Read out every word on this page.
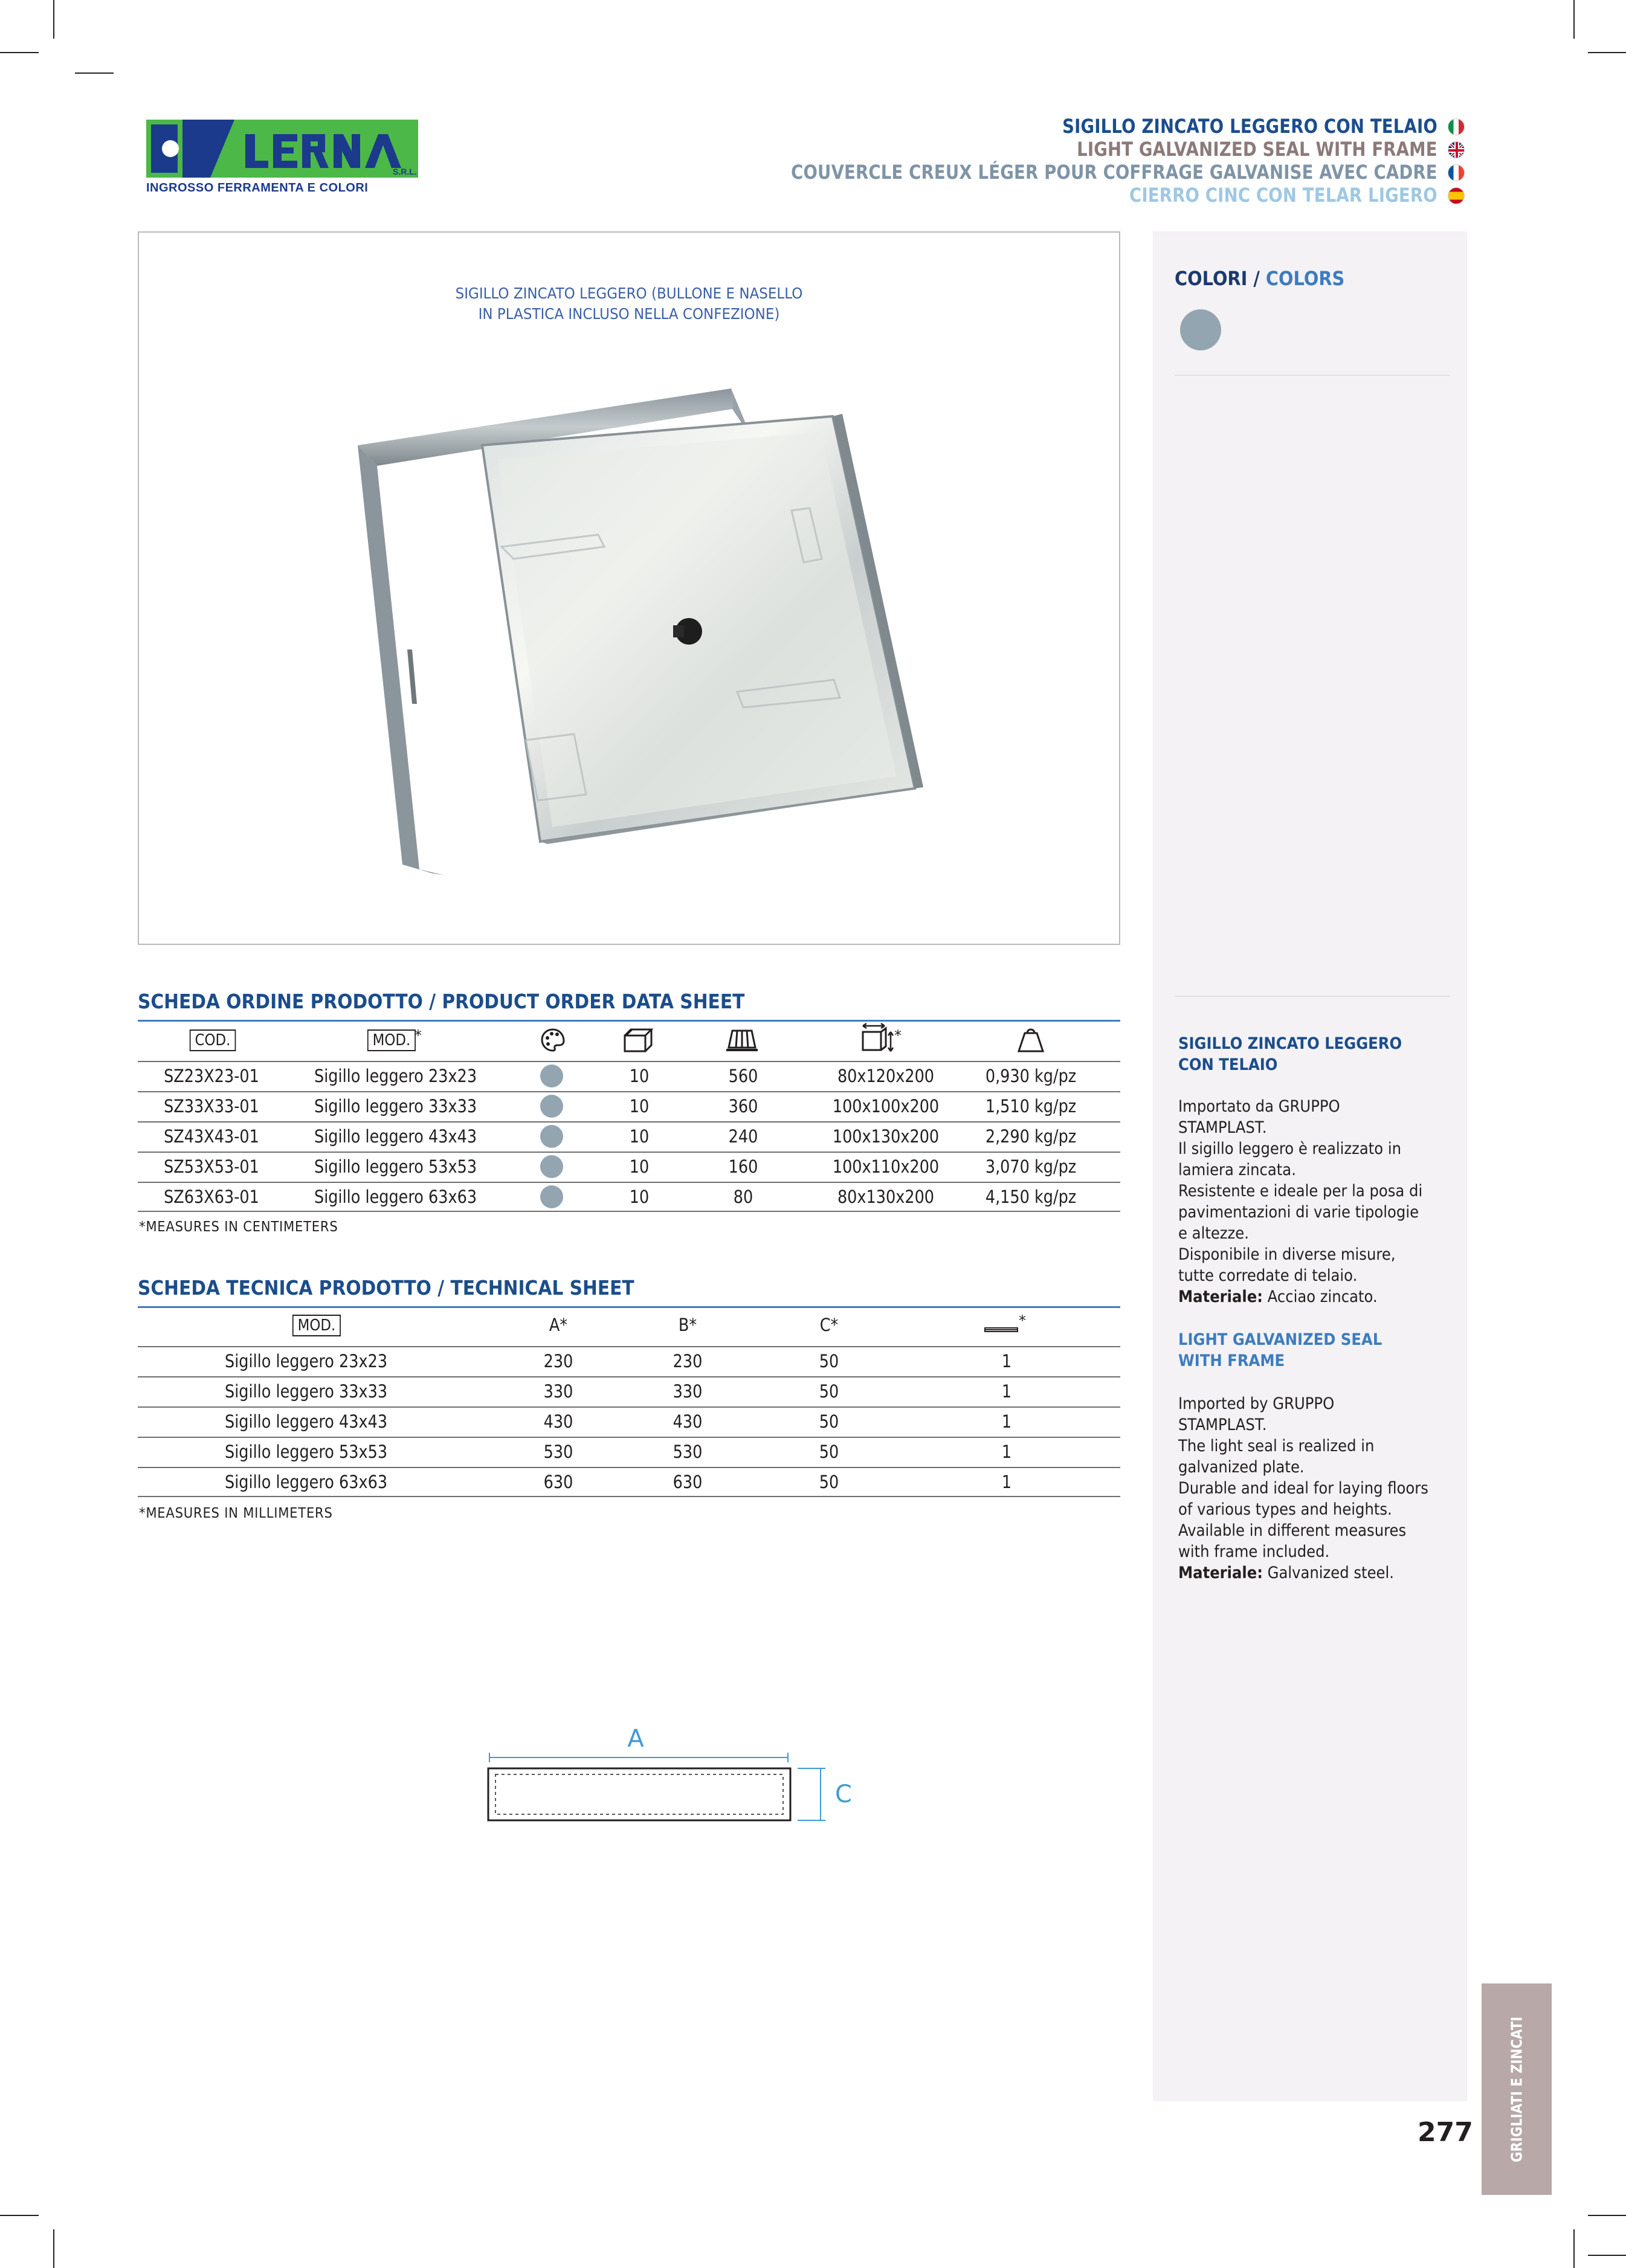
S.R.L.
INGROSSO FERRAMENTA E COLORI
SIGILLO ZINCATO LEGGERO CON TELAIO
LIGHT GALVANIZED SEAL WITH FRAME
COUVERCLE CREUX LÉGER POUR COFFRAGE GALVANISE AVEC CADRE
CIERRO CINC CON TELAR LIGERO
SIGILLO ZINCATO LEGGERO (BULLONE E NASELLO
IN PLASTICA INCLUSO NELLA CONFEZIONE)
COLORI / COLORS
SIGILLO ZINCATO LEGGERO CON TELAIO

Importato da GRUPPO

STAMPLAST.

Il sigillo leggero è realizzato in

lamiera zincata.

Resistente e ideale per la posa di

pavimentazioni di varie tipologie

e altezze.

Disponibile in diverse misure,

tutte corredate di telaio.

Materiale: Acciao zincato.

LIGHT GALVANIZED SEAL WITH FRAME

Imported by GRUPPO

STAMPLAST.

The light seal is realized in

galvanized plate.

Durable and ideal for laying floors

of various types and heights.

Available in different measures

with frame included.

Materiale: Galvanized steel.

GRIGLIATI E ZINCATI
277
SCHEDA ORDINE PRODOTTO / PRODUCT ORDER DATA SHEET
COD.	MOD. *	*
SZ23X23-01	Sigillo leggero 23x23	10	560	80x120x200	0,930 kg/pz
SZ33X33-01	Sigillo leggero 33x33	10	360	100x100x200	1,510 kg/pz
SZ43X43-01	Sigillo leggero 43x43	10	240	100x130x200	2,290 kg/pz
SZ53X53-01	Sigillo leggero 53x53	10	160	100x110x200	3,070 kg/pz
SZ63X63-01	Sigillo leggero 63x63	10	80	80x130x200	4,150 kg/pz
*MEASURES IN CENTIMETERS
SCHEDA TECNICA PRODOTTO / TECHNICAL SHEET
MOD.	A*	B*	C*	*
Sigillo leggero 23x23	230	230	50	1
Sigillo leggero 33x33	330	330	50	1
Sigillo leggero 43x43	430	430	50	1
Sigillo leggero 53x53	530	530	50	1
Sigillo leggero 63x63	630	630	50	1
*MEASURES IN MILLIMETERS
A
C
